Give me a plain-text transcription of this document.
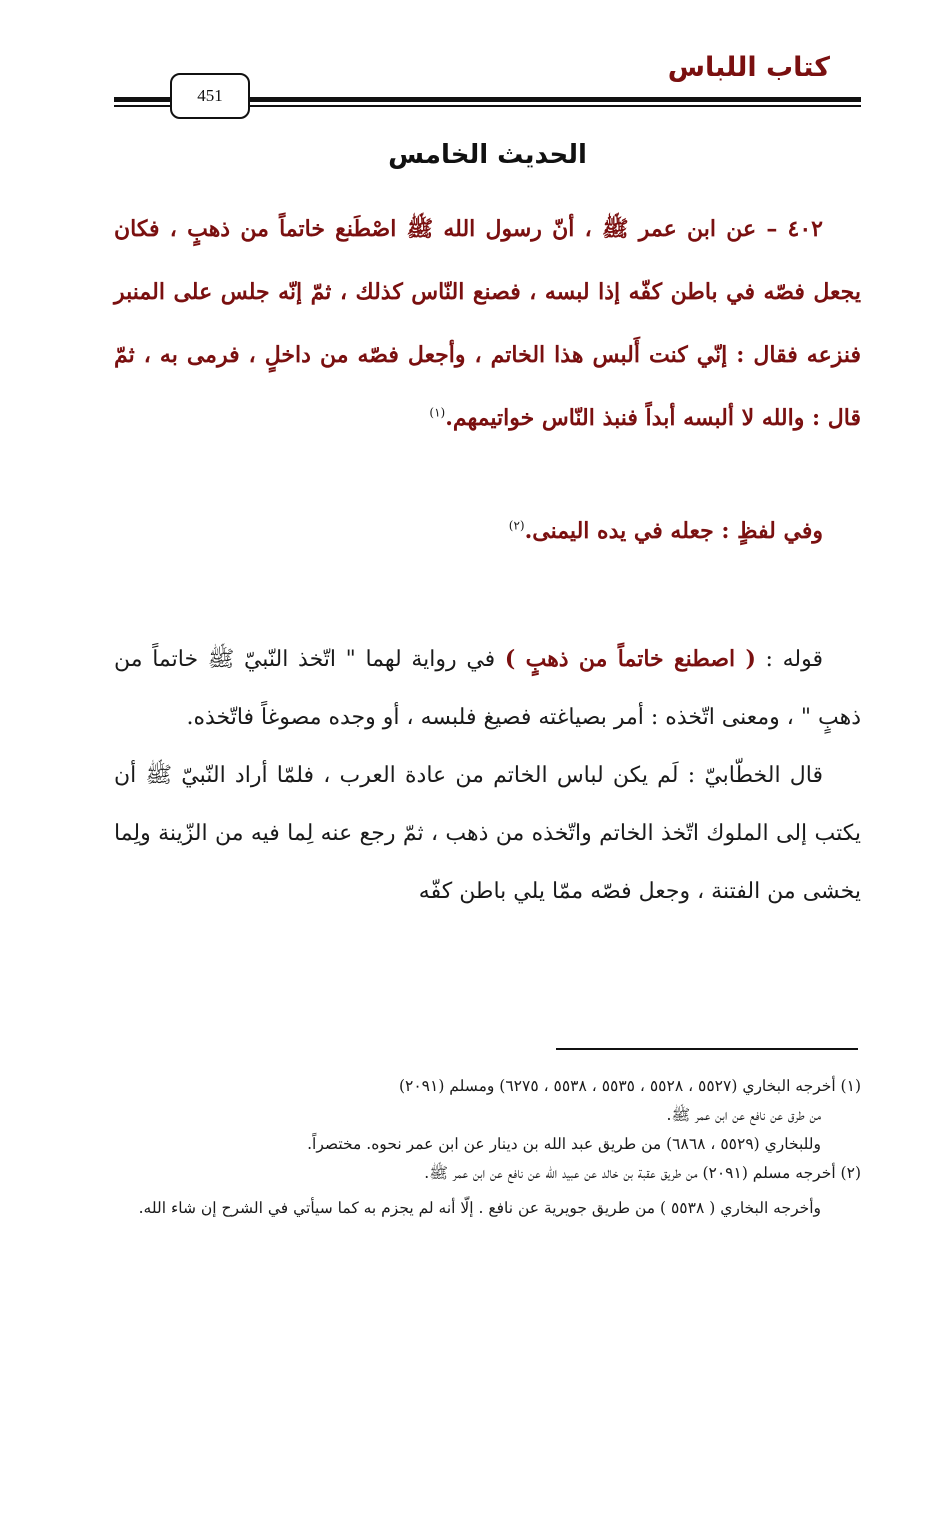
كتاب اللباس
451
الحديث الخامس

٤٠٢ – عن ابن عمر ﷺ ، أنّ رسول الله ﷺ اصْطَنع خاتماً من ذهبٍ ، فكان يجعل فصّه في باطن كفّه إذا لبسه ، فصنع النّاس كذلك ، ثمّ إنّه جلس على المنبر فنزعه فقال : إنّي كنت أَلبس هذا الخاتم ، وأجعل فصّه من داخلٍ ، فرمى به ، ثمّ قال : والله لا ألبسه أبداً فنبذ النّاس خواتيمهم.$^{(١)}$

وفي لفظٍ : جعله في يده اليمنى.$^{(٢)}$

قوله : ( اصطنع خاتماً من ذهبٍ ) في رواية لهما " اتّخذ النّبيّ ﷺ خاتماً من ذهبٍ " ، ومعنى اتّخذه : أمر بصياغته فصيغ فلبسه ، أو وجده مصوغاً فاتّخذه.

قال الخطّابيّ : لَم يكن لباس الخاتم من عادة العرب ، فلمّا أراد النّبيّ ﷺ أن يكتب إلى الملوك اتّخذ الخاتم واتّخذه من ذهب ، ثمّ رجع عنه لِما فيه من الزّينة ولِما يخشى من الفتنة ، وجعل فصّه ممّا يلي باطن كفّه

(١) أخرجه البخاري (٥٥٢٧ ، ٥٥٢٨ ، ٥٥٣٥ ، ٥٥٣٨ ، ٦٢٧٥) ومسلم (٢٠٩١)

من طرق عن نافع عن ابن عمر ﷺ.

وللبخاري (٥٥٢٩ ، ٦٨٦٨) من طريق عبد الله بن دينار عن ابن عمر نحوه. مختصراً.

(٢) أخرجه مسلم (٢٠٩١) من طريق عقبة بن خالد عن عبيد الله عن نافع عن ابن عمر ﷺ.

وأخرجه البخاري ( ٥٥٣٨ ) من طريق جويرية عن نافع . إلّا أنه لم يجزم به كما سيأتي في الشرح إن شاء الله.
